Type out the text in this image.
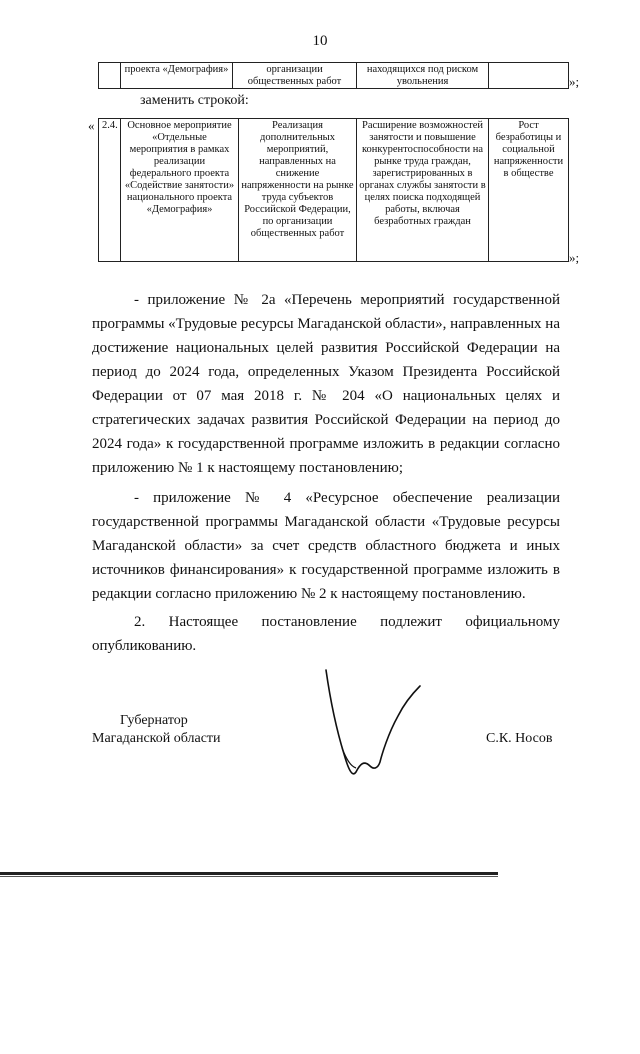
10
	проекта «Демография»	организации общественных работ	находящихся под риском увольнения		»;
заменить строкой:
« 2.4.	Основное мероприятие «Отдельные мероприятия в рамках реализации федерального проекта «Содействие занятости» национального проекта «Демография»	Реализация дополнительных мероприятий, направленных на снижение напряженности на рынке труда субъектов Российской Федерации, по организации общественных работ	Расширение возможностей занятости и повышение конкурентоспособности на рынке труда граждан, зарегистрированных в органах службы занятости в целях поиска подходящей работы, включая безработных граждан	Рост безработицы и социальной напряженности в обществе
»;
- приложение № 2а «Перечень мероприятий государственной программы «Трудовые ресурсы Магаданской области», направленных на достижение национальных целей развития Российской Федерации на период до 2024 года, определенных Указом Президента Российской Федерации от 07 мая 2018 г. № 204 «О национальных целях и стратегических задачах развития Российской Федерации на период до 2024 года» к государственной программе изложить в редакции согласно приложению № 1 к настоящему постановлению;
- приложение № 4 «Ресурсное обеспечение реализации государственной программы Магаданской области «Трудовые ресурсы Магаданской области» за счет средств областного бюджета и иных источников финансирования» к государственной программе изложить в редакции согласно приложению № 2 к настоящему постановлению.
2. Настоящее постановление подлежит официальному опубликованию.
Губернатор
Магаданской области	С.К. Носов
